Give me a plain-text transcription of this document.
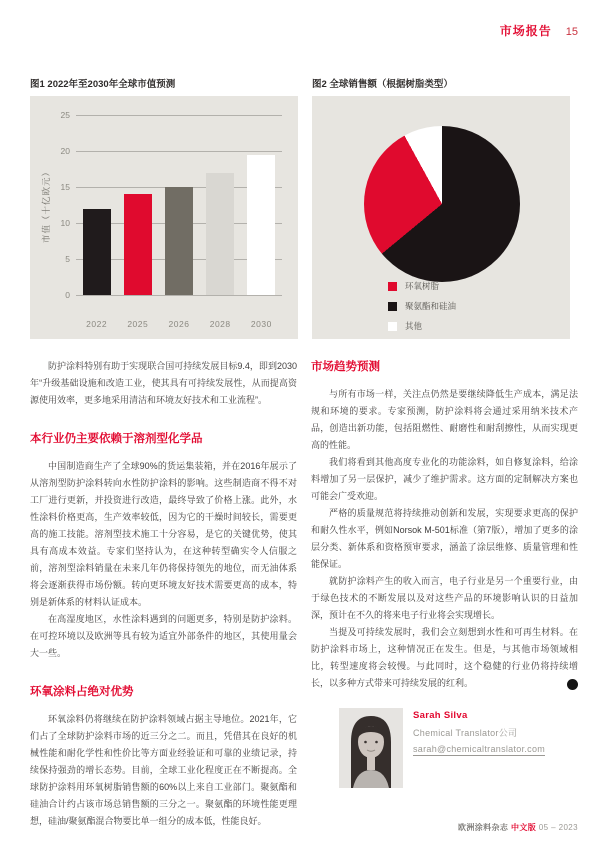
市场报告 15
图1 2022年至2030年全球市值预测	图2 全球销售额（根据树脂类型）
市值（十亿欧元）
0
5
10
15
20
25
2022	2025	2026	2028	2030
环氧树脂
聚氨酯和硅油
其他

防护涂料特别有助于实现联合国可持续发展目标9.4，即到2030年“升级基础设施和改造工业，使其具有可持续发展性，从而提高资源使用效率，更多地采用清洁和环境友好技术和工业流程”。

本行业仍主要依赖于溶剂型化学品

中国制造商生产了全球90%的货运集装箱，并在2016年展示了从溶剂型防护涂料转向水性防护涂料的影响。这些制造商不得不对工厂进行更新，并投资进行改造，最终导致了价格上涨。此外，水性涂料价格更高，生产效率较低，因为它的干燥时间较长，需要更高的施工技能。溶剂型技术施工十分容易，是它的关键优势，使其具有高成本效益。专家们坚持认为，在这种转型确实令人信服之前，溶剂型涂料销量在未来几年仍将保持领先的地位，而无油体系将会逐渐获得市场份额。转向更环境友好技术需要更高的成本，特别是新体系的材料认证成本。

在高湿度地区，水性涂料遇到的问题更多，特别是防护涂料。在可控环境以及欧洲等具有较为适宜外部条件的地区，其使用量会大一些。

环氧涂料占绝对优势

环氧涂料仍将继续在防护涂料领域占据主导地位。2021年，它们占了全球防护涂料市场的近三分之二。而且，凭借其在良好的机械性能和耐化学性和性价比等方面业经验证和可靠的业绩记录，持续保持强劲的增长态势。目前，全球工业化程度正在不断提高。全球防护涂料用环氧树脂销售额的60%以上来自工业部门。聚氨酯和硅油合计约占该市场总销售额的三分之一。聚氨酯的环境性能更理想，硅油/聚氨酯混合物要比单一组分的成本低，性能良好。

市场趋势预测

与所有市场一样，关注点仍然是要继续降低生产成本，满足法规和环境的要求。专家预测，防护涂料将会通过采用纳米技术产品，创造出新功能，包括阻燃性、耐磨性和耐刮擦性，从而实现更高的性能。

我们将看到其他高度专业化的功能涂料，如自修复涂料，给涂料增加了另一层保护，减少了维护需求。这方面的定制解决方案也可能会广受欢迎。

严格的质量规范将持续推动创新和发展，实现要求更高的保护和耐久性水平，例如Norsok M-501标准（第7版），增加了更多的涂层分类、新体系和资格预审要求，涵盖了涂层维修、质量管理和性能保证。

就防护涂料产生的收入而言，电子行业是另一个重要行业，由于绿色技术的不断发展以及对这些产品的环境影响认识的日益加深，预计在不久的将来电子行业将会实现增长。

当提及可持续发展时，我们会立刻想到水性和可再生材料。在防护涂料市场上，这种情况正在发生。但是，与其他市场领域相比，转型速度将会较慢。与此同时，这个稳健的行业仍将持续增长，以多种方式带来可持续发展的红利。	‹

Sarah Silva
Chemical Translator公司
sarah@chemicaltranslator.com
欧洲涂料杂志 中文版 05 – 2023
